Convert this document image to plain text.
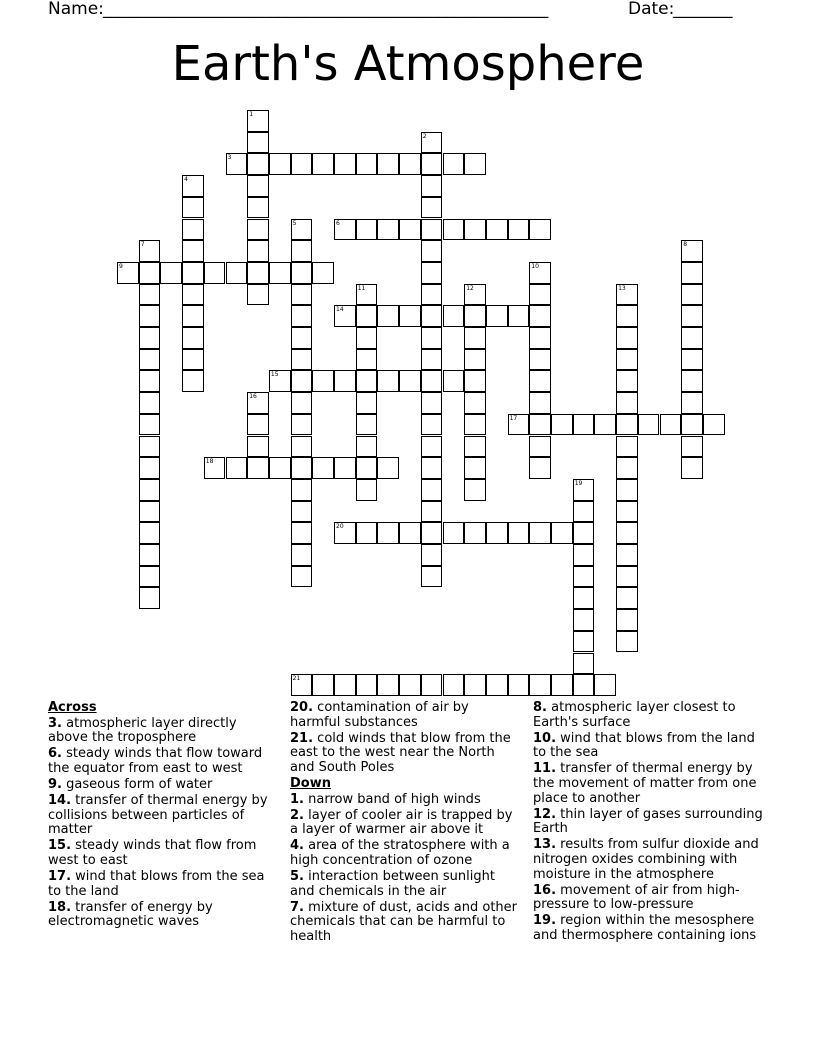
Name: _____________________________________________________	Date:
_______
Earth's Atmosphere
1
2
3
4
5	6
7	8
9	10
11	12	13
14
15
16
17
18
19
20
21
Across
3. atmospheric layer directly above the troposphere
6. steady winds that flow toward the equator from east to west
9. gaseous form of water
14. transfer of thermal energy by collisions between particles of matter
15. steady winds that flow from west to east
17. wind that blows from the sea to the land
18. transfer of energy by electromagnetic waves
20. contamination of air by harmful substances
21. cold winds that blow from the east to the west near the North and South Poles
Down
1. narrow band of high winds
2. layer of cooler air is trapped by a layer of warmer air above it
4. area of the stratosphere with a high concentration of ozone
5. interaction between sunlight and chemicals in the air
7. mixture of dust, acids and other chemicals that can be harmful to health
8. atmospheric layer closest to Earth's surface
10. wind that blows from the land to the sea
11. transfer of thermal energy by the movement of matter from one place to another
12. thin layer of gases surrounding Earth
13. results from sulfur dioxide and nitrogen oxides combining with moisture in the atmosphere
16. movement of air from high-pressure to low-pressure
19. region within the mesosphere and thermosphere containing ions
